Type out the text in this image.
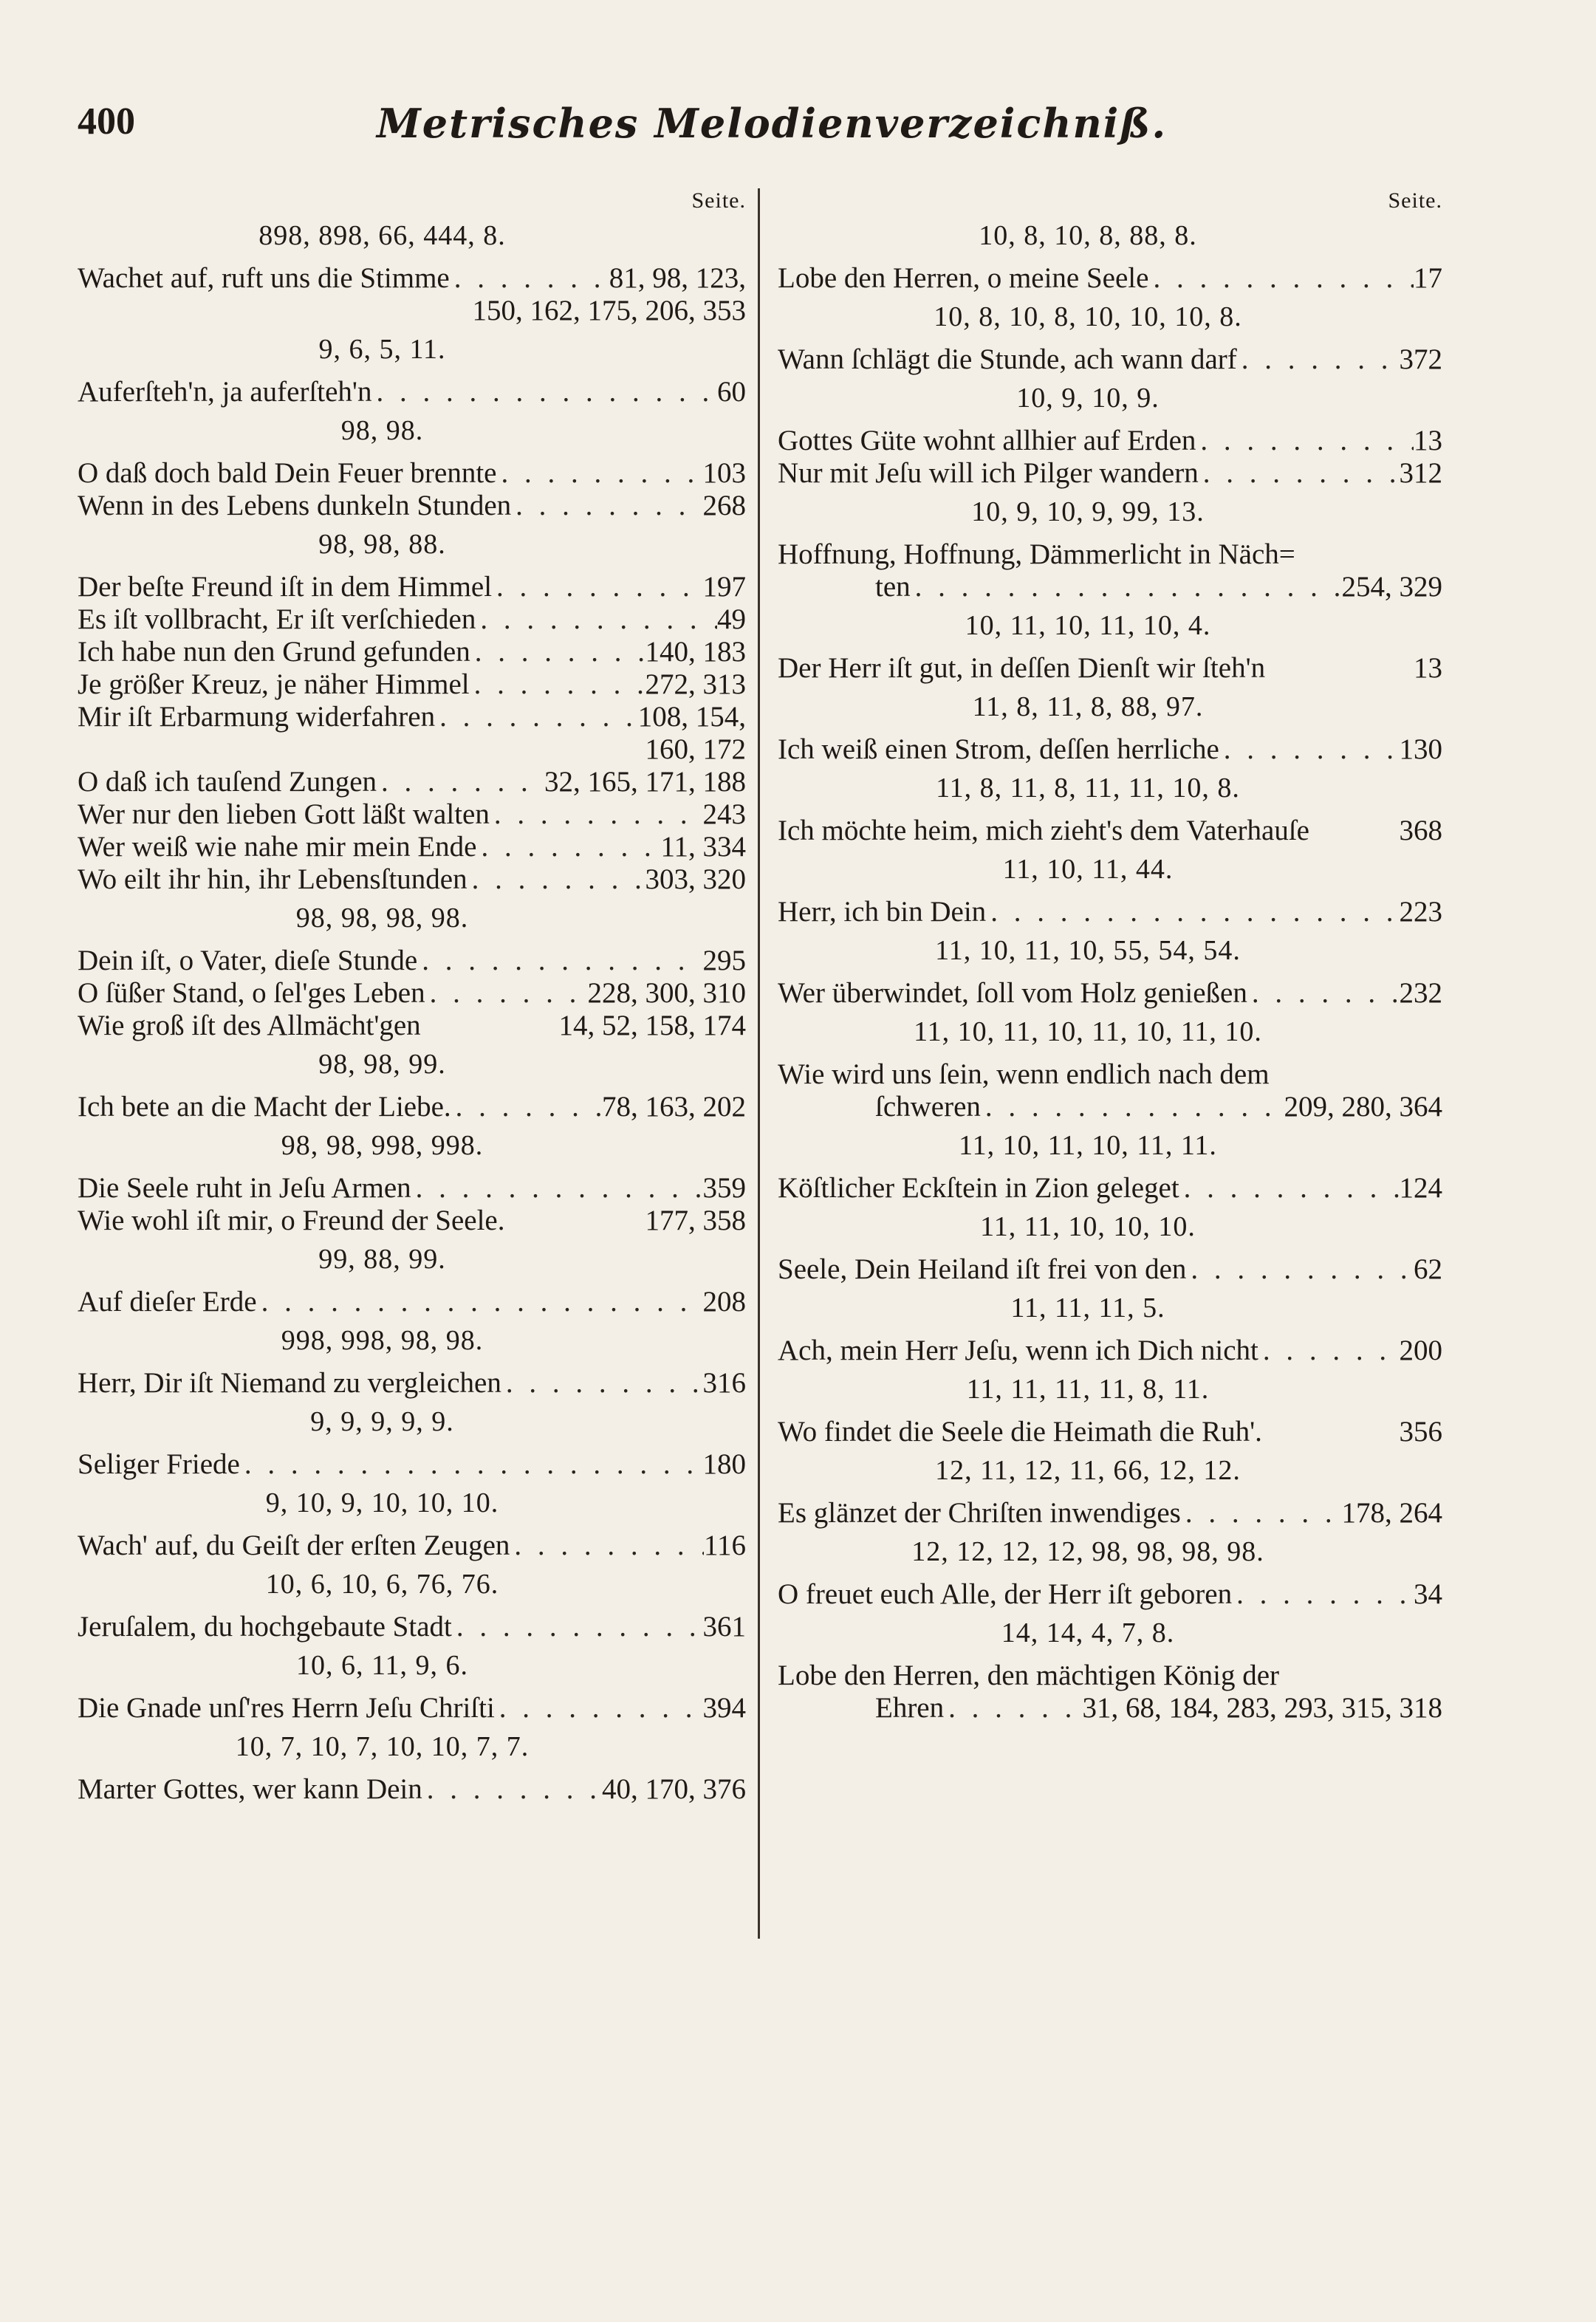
400	Metrisches Melodienverzeichniß.
Seite.
898, 898, 66, 444, 8.
Wachet auf, ruft uns die Stimme . . .	81, 98, 123,
150, 162, 175, 206, 353
9, 6, 5, 11.
Auferſteh'n, ja auferſteh'n . . .	60
98, 98.
O daß doch bald Dein Feuer brennte . . .	103
Wenn in des Lebens dunkeln Stunden . . .	268
98, 98, 88.
Der beſte Freund iſt in dem Himmel . . .	197
Es iſt vollbracht, Er iſt verſchieden . . .	49
Ich habe nun den Grund gefunden . . .	140, 183
Je größer Kreuz, je näher Himmel . . .	272, 313
Mir iſt Erbarmung widerfahren . . .	108, 154,
160, 172
O daß ich tauſend Zungen . . .	32, 165, 171, 188
Wer nur den lieben Gott läßt walten . . .	243
Wer weiß wie nahe mir mein Ende . . .	11, 334
Wo eilt ihr hin, ihr Lebensſtunden . . .	303, 320
98, 98, 98, 98.
Dein iſt, o Vater, dieſe Stunde . . .	295
O ſüßer Stand, o ſel'ges Leben . . .	228, 300, 310
Wie groß iſt des Allmächt'gen	14, 52, 158, 174
98, 98, 99.
Ich bete an die Macht der Liebe. . . .	78, 163, 202
98, 98, 998, 998.
Die Seele ruht in Jeſu Armen . . .	359
Wie wohl iſt mir, o Freund der Seele.	177, 358
99, 88, 99.
Auf dieſer Erde . . .	208
998, 998, 98, 98.
Herr, Dir iſt Niemand zu vergleichen . . .	316
9, 9, 9, 9, 9.
Seliger Friede . . .	180
9, 10, 9, 10, 10, 10.
Wach' auf, du Geiſt der erſten Zeugen . . .	116
10, 6, 10, 6, 76, 76.
Jeruſalem, du hochgebaute Stadt . . .	361
10, 6, 11, 9, 6.
Die Gnade unſ'res Herrn Jeſu Chriſti . . .	394
10, 7, 10, 7, 10, 10, 7, 7.
Marter Gottes, wer kann Dein . . .	40, 170, 376
Seite.
10, 8, 10, 8, 88, 8.
Lobe den Herren, o meine Seele . . .	17
10, 8, 10, 8, 10, 10, 10, 8.
Wann ſchlägt die Stunde, ach wann darf . . .	372
10, 9, 10, 9.
Gottes Güte wohnt allhier auf Erden . . .	13
Nur mit Jeſu will ich Pilger wandern . . .	312
10, 9, 10, 9, 99, 13.
Hoffnung, Hoffnung, Dämmerlicht in Näch=
ten . . .	254, 329
10, 11, 10, 11, 10, 4.
Der Herr iſt gut, in deſſen Dienſt wir ſteh'n	13
11, 8, 11, 8, 88, 97.
Ich weiß einen Strom, deſſen herrliche . . .	130
11, 8, 11, 8, 11, 11, 10, 8.
Ich möchte heim, mich zieht's dem Vaterhauſe	368
11, 10, 11, 44.
Herr, ich bin Dein . . .	223
11, 10, 11, 10, 55, 54, 54.
Wer überwindet, ſoll vom Holz genießen . . .	232
11, 10, 11, 10, 11, 10, 11, 10.
Wie wird uns ſein, wenn endlich nach dem
ſchweren . . .	209, 280, 364
11, 10, 11, 10, 11, 11.
Köſtlicher Eckſtein in Zion geleget . . .	124
11, 11, 10, 10, 10.
Seele, Dein Heiland iſt frei von den . . .	62
11, 11, 11, 5.
Ach, mein Herr Jeſu, wenn ich Dich nicht . . .	200
11, 11, 11, 11, 8, 11.
Wo findet die Seele die Heimath die Ruh'.	356
12, 11, 12, 11, 66, 12, 12.
Es glänzet der Chriſten inwendiges . . .	178, 264
12, 12, 12, 12, 98, 98, 98, 98.
O freuet euch Alle, der Herr iſt geboren . . .	34
14, 14, 4, 7, 8.
Lobe den Herren, den mächtigen König der
Ehren . . .	31, 68, 184, 283, 293, 315, 318
